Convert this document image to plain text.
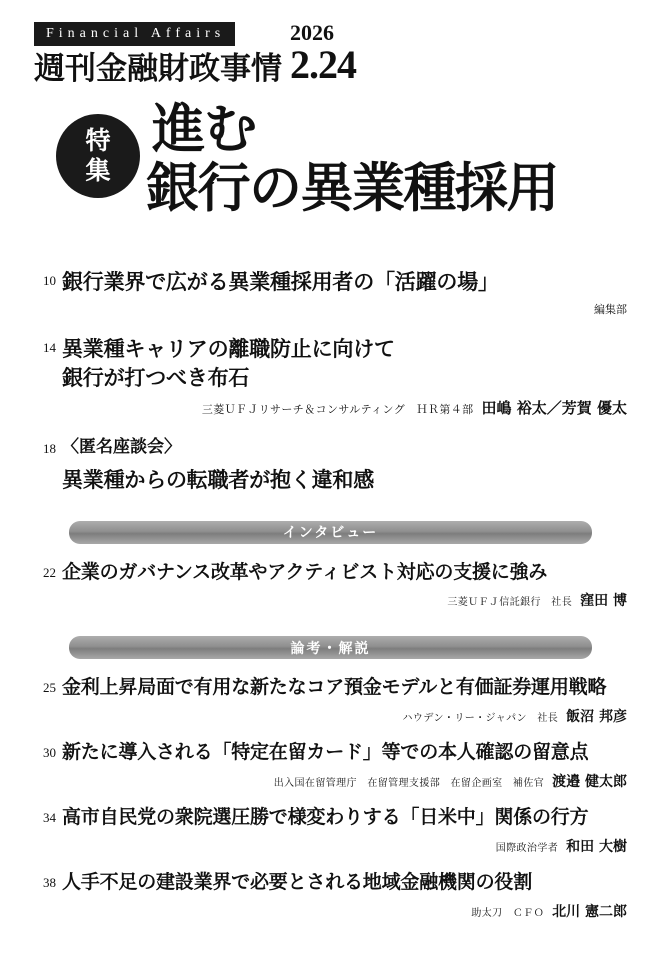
Financial Affairs
週刊金融財政事情
2026
2.24
特
集
進む
銀行の異業種採用
10 銀行業界で広がる異業種採用者の「活躍の場」
編集部
14 異業種キャリアの離職防止に向けて
銀行が打つべき布石
三菱ＵＦＪリサーチ＆コンサルティング　ＨＲ第４部 田嶋 裕太／芳賀 優太
18 〈匿名座談会〉
異業種からの転職者が抱く違和感
インタビュー
22 企業のガバナンス改革やアクティビスト対応の支援に強み
三菱ＵＦＪ信託銀行　社長 窪田 博
論考・解説
25 金利上昇局面で有用な新たなコア預金モデルと有価証券運用戦略
ハウデン・リー・ジャパン　社長 飯沼 邦彦
30 新たに導入される「特定在留カード」等での本人確認の留意点
出入国在留管理庁　在留管理支援部　在留企画室　補佐官 渡邉 健太郎
34 高市自民党の衆院選圧勝で様変わりする「日米中」関係の行方
国際政治学者 和田 大樹
38 人手不足の建設業界で必要とされる地域金融機関の役割
助太刀　ＣＦＯ 北川 憲二郎
